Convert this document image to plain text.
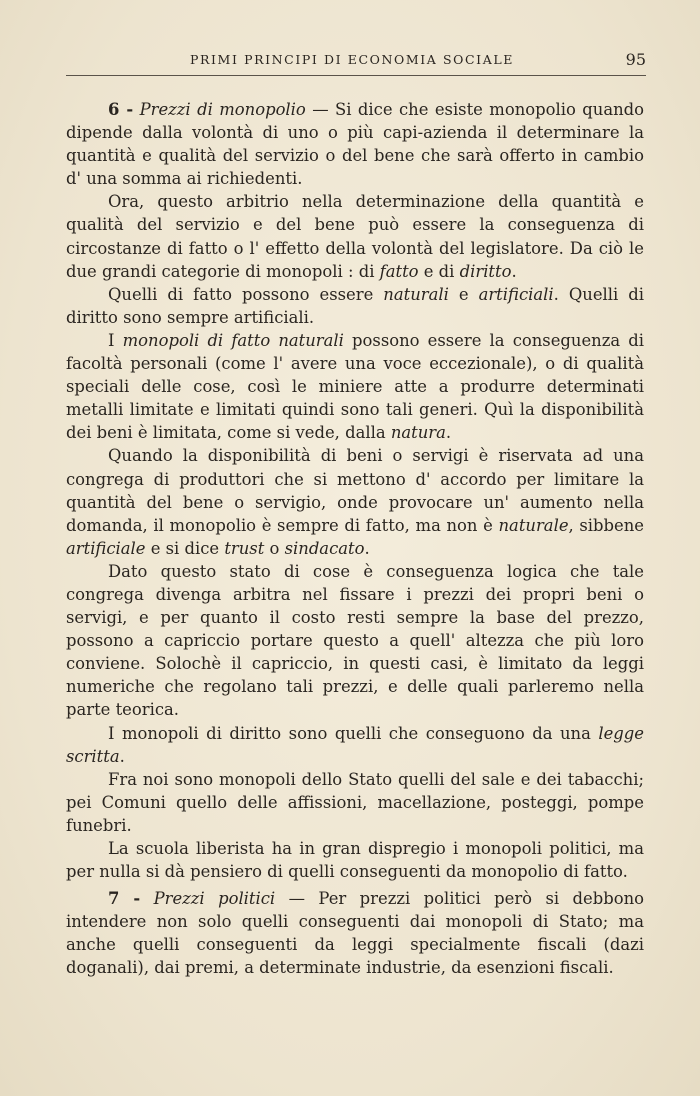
PRIMI PRINCIPI DI ECONOMIA SOCIALE	95

6 - Prezzi di monopolio — Si dice che esiste monopolio quando dipende dalla volontà di uno o più capi-azienda il determinare la quantità e qualità del servizio o del bene che sarà offerto in cambio d' una somma ai richiedenti.

Ora, questo arbitrio nella determinazione della quantità e qualità del servizio e del bene può essere la conseguenza di circostanze di fatto o l' effetto della volontà del legislatore. Da ciò le due grandi categorie di monopoli : di fatto e di diritto.

Quelli di fatto possono essere naturali e artificiali. Quelli di diritto sono sempre artificiali.

I monopoli di fatto naturali possono essere la conseguenza di facoltà personali (come l' avere una voce eccezionale), o di qualità speciali delle cose, così le miniere atte a produrre determinati metalli limitate e limitati quindi sono tali generi. Quì la disponibilità dei beni è limitata, come si vede, dalla natura.

Quando la disponibilità di beni o servigi è riservata ad una congrega di produttori che si mettono d' accordo per limitare la quantità del bene o servigio, onde provocare un' aumento nella domanda, il monopolio è sempre di fatto, ma non è naturale, sibbene artificiale e si dice trust o sindacato.

Dato questo stato di cose è conseguenza logica che tale congrega divenga arbitra nel fissare i prezzi dei propri beni o servigi, e per quanto il costo resti sempre la base del prezzo, possono a capriccio portare questo a quell' altezza che più loro conviene. Solochè il capriccio, in questi casi, è limitato da leggi numeriche che regolano tali prezzi, e delle quali parleremo nella parte teorica.

I monopoli di diritto sono quelli che conseguono da una legge scritta.

Fra noi sono monopoli dello Stato quelli del sale e dei tabacchi; pei Comuni quello delle affissioni, macellazione, posteggi, pompe funebri.

La scuola liberista ha in gran dispregio i monopoli politici, ma per nulla si dà pensiero di quelli conseguenti da monopolio di fatto.

7 - Prezzi politici — Per prezzi politici però si debbono intendere non solo quelli conseguenti dai monopoli di Stato; ma anche quelli conseguenti da leggi specialmente fiscali (dazi doganali), dai premi, a determinate industrie, da esenzioni fiscali.
